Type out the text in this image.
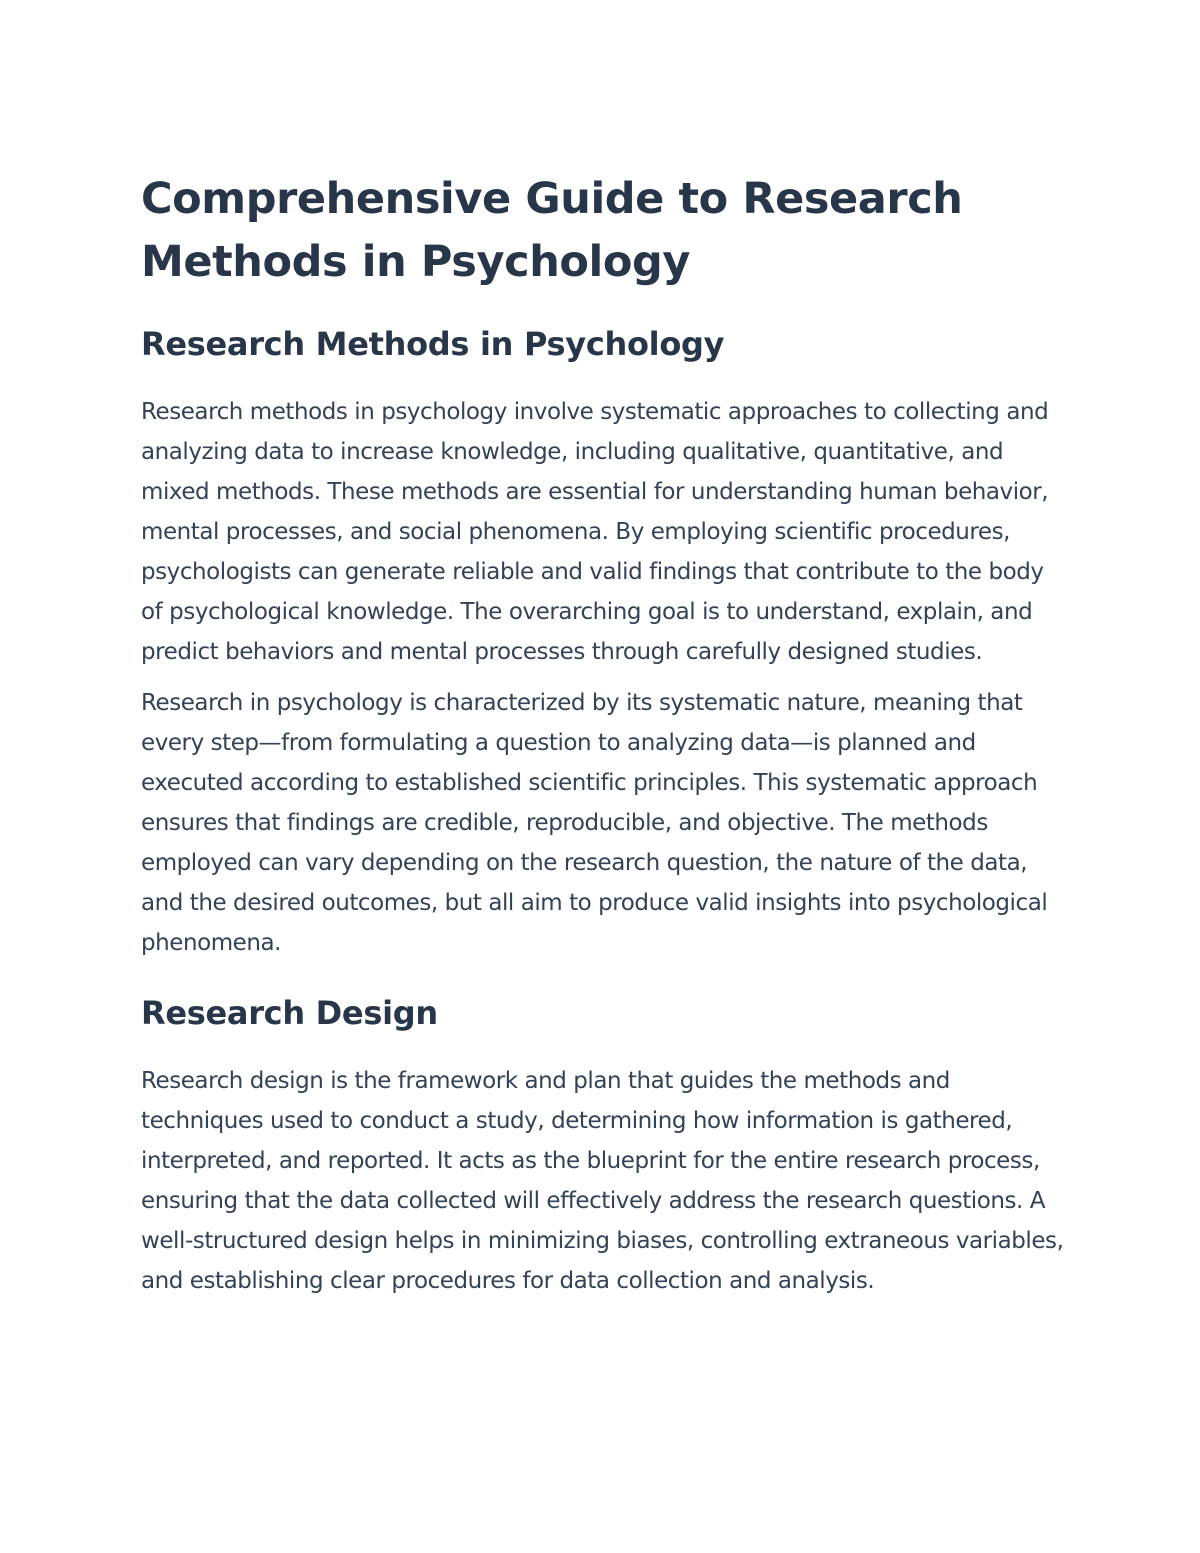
Comprehensive Guide to Research Methods in Psychology
Research Methods in Psychology

Research methods in psychology involve systematic approaches to collecting and analyzing data to increase knowledge, including qualitative, quantitative, and mixed methods. These methods are essential for understanding human behavior, mental processes, and social phenomena. By employing scientific procedures, psychologists can generate reliable and valid findings that contribute to the body of psychological knowledge. The overarching goal is to understand, explain, and predict behaviors and mental processes through carefully designed studies.

Research in psychology is characterized by its systematic nature, meaning that every step—from formulating a question to analyzing data—is planned and executed according to established scientific principles. This systematic approach ensures that findings are credible, reproducible, and objective. The methods employed can vary depending on the research question, the nature of the data, and the desired outcomes, but all aim to produce valid insights into psychological phenomena.

Research Design

Research design is the framework and plan that guides the methods and techniques used to conduct a study, determining how information is gathered, interpreted, and reported. It acts as the blueprint for the entire research process, ensuring that the data collected will effectively address the research questions. A well-structured design helps in minimizing biases, controlling extraneous variables, and establishing clear procedures for data collection and analysis.
